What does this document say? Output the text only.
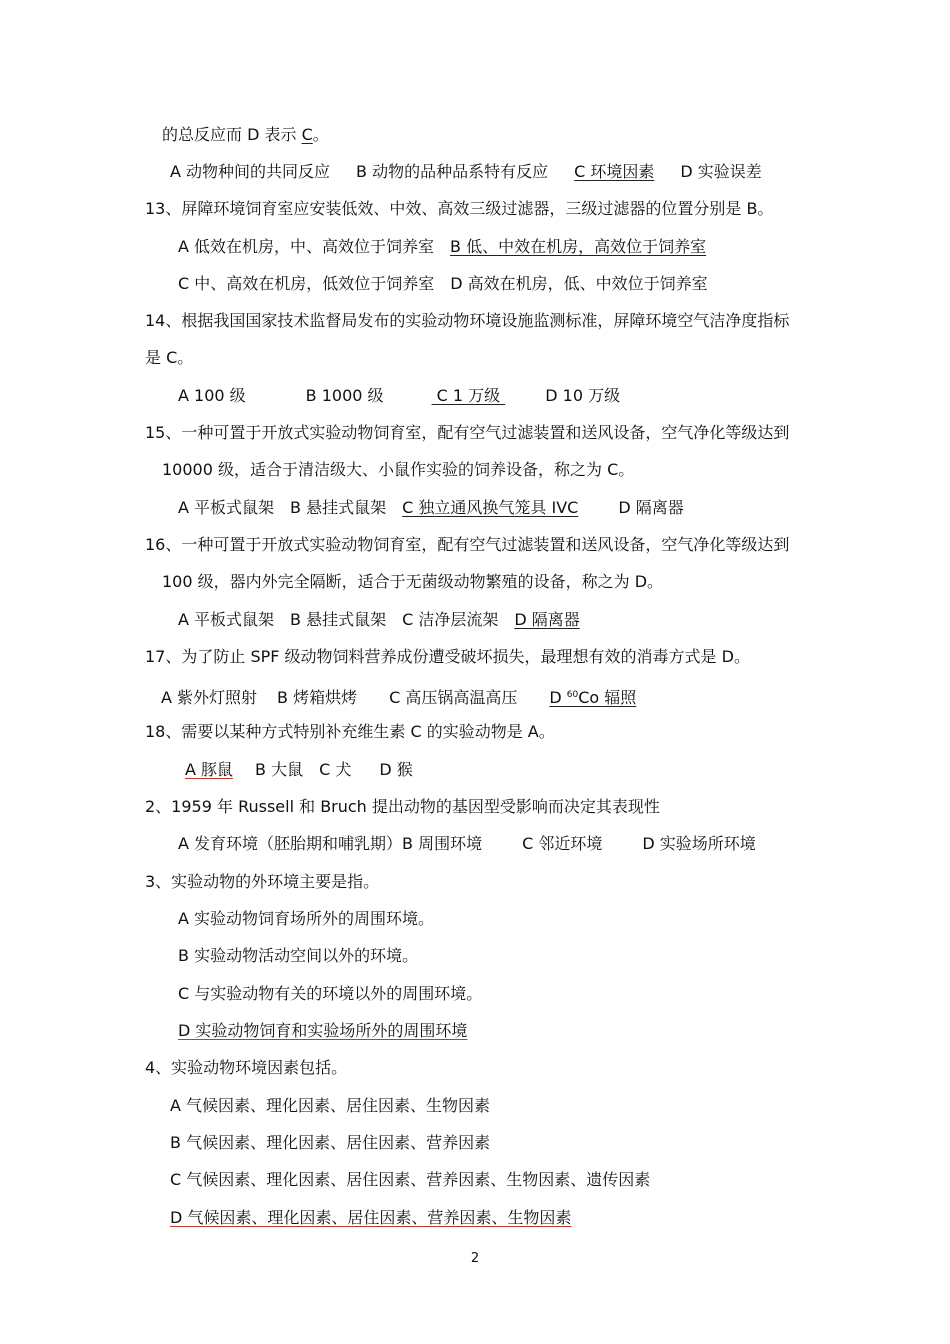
的总反应而 D 表示 C。
A 动物种间的共同反应 B 动物的品种品系特有反应 C 环境因素 D 实验误差
13、屏障环境饲育室应安装低效、中效、高效三级过滤器，三级过滤器的位置分别是 B。
A 低效在机房，中、高效位于饲养室 B 低、中效在机房，高效位于饲养室
C 中、高效在机房，低效位于饲养室 D 高效在机房，低、中效位于饲养室
14、根据我国国家技术监督局发布的实验动物环境设施监测标准，屏障环境空气洁净度指标
是 C。
A 100 级	B 1000 级	C 1 万级	D 10 万级
15、一种可置于开放式实验动物饲育室，配有空气过滤装置和送风设备，空气净化等级达到
10000 级，适合于清洁级大、小鼠作实验的饲养设备，称之为 C。
A 平板式鼠架 B 悬挂式鼠架 C 独立通风换气笼具 IVC	D 隔离器
16、一种可置于开放式实验动物饲育室，配有空气过滤装置和送风设备，空气净化等级达到
100 级，器内外完全隔断，适合于无菌级动物繁殖的设备，称之为 D。
A 平板式鼠架 B 悬挂式鼠架 C 洁净层流架 D 隔离器
17、为了防止 SPF 级动物饲料营养成份遭受破坏损失，最理想有效的消毒方式是 D。
A 紫外灯照射 B 烤箱烘烤 C 高压锅高温高压 D $^{60}$Co 辐照
18、需要以某种方式特别补充维生素 C 的实验动物是 A。
A 豚鼠 B 大鼠 C 犬 D 猴
2、1959 年 Russell 和 Bruch 提出动物的基因型受影响而决定其表现性
A 发育环境（胚胎期和哺乳期）B 周围环境	C 邻近环境	D 实验场所环境
3、实验动物的外环境主要是指。
A 实验动物饲育场所外的周围环境。
B 实验动物活动空间以外的环境。
C 与实验动物有关的环境以外的周围环境。
D 实验动物饲育和实验场所外的周围环境
4、实验动物环境因素包括。
A 气候因素、理化因素、居住因素、生物因素
B 气候因素、理化因素、居住因素、营养因素
C 气候因素、理化因素、居住因素、营养因素、生物因素、遗传因素
D 气候因素、理化因素、居住因素、营养因素、生物因素
2
